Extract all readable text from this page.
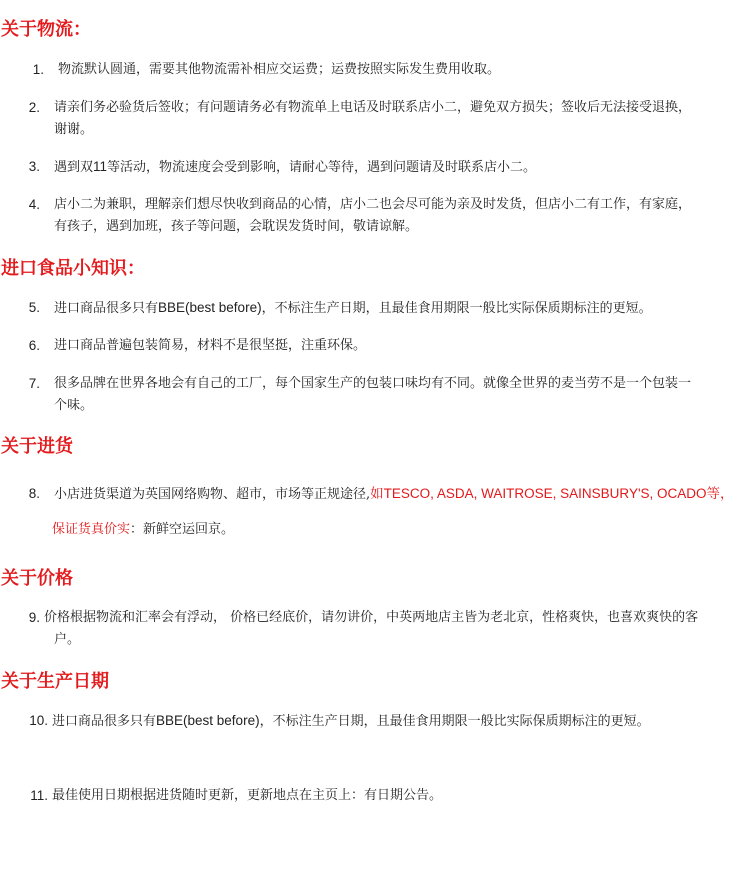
关于物流：
1. 物流默认圆通，需要其他物流需补相应交运费；运费按照实际发生费用收取。
2. 请亲们务必验货后签收；有问题请务必有物流单上电话及时联系店小二，避免双方损失；签收后无法接受退换，
谢谢。
3. 遇到双11等活动，物流速度会受到影响，请耐心等待，遇到问题请及时联系店小二。
4. 店小二为兼职，理解亲们想尽快收到商品的心情，店小二也会尽可能为亲及时发货，但店小二有工作，有家庭，
有孩子，遇到加班，孩子等问题，会耽误发货时间，敬请谅解。
进口食品小知识：
5. 进口商品很多只有BBE(best before)，不标注生产日期，且最佳食用期限一般比实际保质期标注的更短。
6. 进口商品普遍包装简易，材料不是很坚挺，注重环保。
7. 很多品牌在世界各地会有自己的工厂，每个国家生产的包装口味均有不同。就像全世界的麦当劳不是一个包装一
个味。
关于进货
8. 小店进货渠道为英国网络购物、超市，市场等正规途径,如TESCO, ASDA, WAITROSE, SAINSBURY'S, OCADO等，
保证货真价实：新鲜空运回京。
关于价格
9. 价格根据物流和汇率会有浮动， 价格已经底价，请勿讲价，中英两地店主皆为老北京，性格爽快，也喜欢爽快的客
户。
关于生产日期
10. 进口商品很多只有BBE(best before)，不标注生产日期，且最佳食用期限一般比实际保质期标注的更短。
11. 最佳使用日期根据进货随时更新，更新地点在主页上：有日期公告。
